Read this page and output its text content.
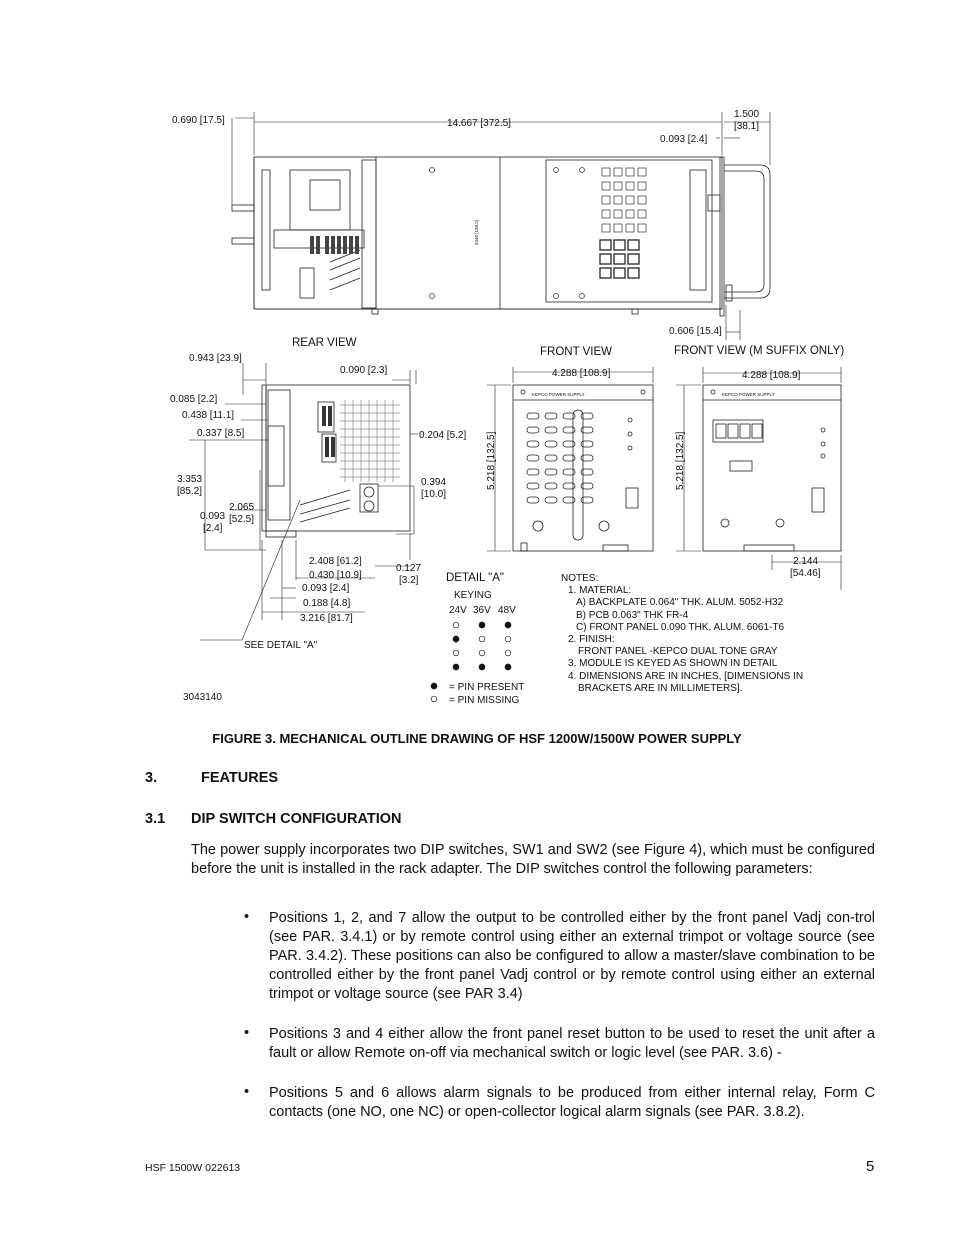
5440 [138.2]
0.690 [17.5]	14.667 [372.5]
1.500
[38.1]
0.093 [2.4]
0.606 [15.4]
REAR VIEW
0.943 [23.9]
0.090 [2.3]
0.085 [2.2]
0.438 [11.1]
0.337 [8.5]	0.204 [5.2]
3.353
[85.2]
0.394
[10.0]
2.065
[52.5]
0.093
[2.4]
2.408 [61.2]
0.127
[3.2]
0.430 [10.9]
0.093 [2.4]
0.188 [4.8]
3.216 [81.7]
SEE DETAIL "A"
3043140
FRONT VIEW
KEPCO POWER SUPPLY
4.288 [108.9]
5.218 [132.5]
FRONT VIEW (M SUFFIX ONLY)
KEPCO POWER SUPPLY
4.288 [108.9]
5.218 [132.5]
2.144
[54.46]
DETAIL "A"
KEYING
24V 36V 48V
= PIN PRESENT
= PIN MISSING
NOTES:
1. MATERIAL:
A) BACKPLATE 0.064" THK. ALUM. 5052-H32
B) PCB 0.063" THK FR-4
C) FRONT PANEL 0.090 THK. ALUM. 6061-T6
2. FINISH:
FRONT PANEL -KEPCO DUAL TONE GRAY
3. MODULE IS KEYED AS SHOWN IN DETAIL
4. DIMENSIONS ARE IN INCHES, [DIMENSIONS IN
BRACKETS ARE IN MILLIMETERS].
FIGURE 3. MECHANICAL OUTLINE DRAWING OF HSF 1200W/1500W POWER SUPPLY
3.	FEATURES
3.1 DIP SWITCH CONFIGURATION
The power supply incorporates two DIP switches, SW1 and SW2 (see Figure 4), which must be configured before the unit is installed in the rack adapter. The DIP switches control the following parameters:
• Positions 1, 2, and 7 allow the output to be controlled either by the front panel Vadj con-trol (see PAR. 3.4.1) or by remote control using either an external trimpot or voltage source (see PAR. 3.4.2). These positions can also be configured to allow a master/slave combination to be controlled either by the front panel Vadj control or by remote control using either an external trimpot or voltage source (see PAR 3.4)
• Positions 3 and 4 either allow the front panel reset button to be used to reset the unit after a fault or allow Remote on-off via mechanical switch or logic level (see PAR. 3.6) -
• Positions 5 and 6 allows alarm signals to be produced from either internal relay, Form C contacts (one NO, one NC) or open-collector logical alarm signals (see PAR. 3.8.2).
HSF 1500W 022613	5
